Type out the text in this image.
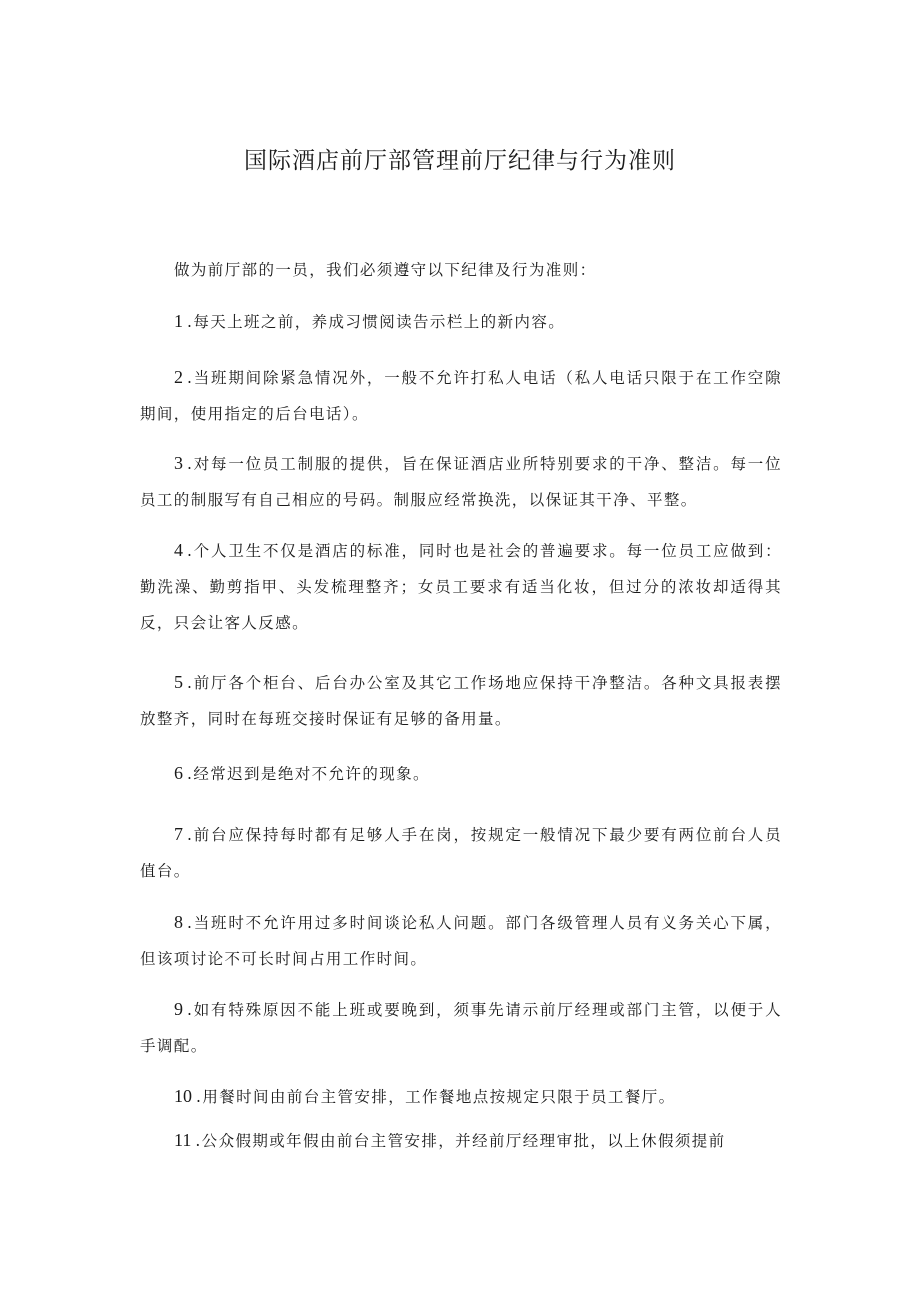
国际酒店前厅部管理前厅纪律与行为准则
做为前厅部的一员，我们必须遵守以下纪律及行为准则：
1 .每天上班之前，养成习惯阅读告示栏上的新内容。
2 .当班期间除紧急情况外，一般不允许打私人电话（私人电话只限于在工作空隙期间，使用指定的后台电话）。
3 .对每一位员工制服的提供，旨在保证酒店业所特别要求的干净、整洁。每一位员工的制服写有自己相应的号码。制服应经常换洗，以保证其干净、平整。
4 .个人卫生不仅是酒店的标准，同时也是社会的普遍要求。每一位员工应做到：勤洗澡、勤剪指甲、头发梳理整齐；女员工要求有适当化妆，但过分的浓妆却适得其反，只会让客人反感。
5 .前厅各个柜台、后台办公室及其它工作场地应保持干净整洁。各种文具报表摆放整齐，同时在每班交接时保证有足够的备用量。
6 .经常迟到是绝对不允许的现象。
7 .前台应保持每时都有足够人手在岗，按规定一般情况下最少要有两位前台人员值台。
8 .当班时不允许用过多时间谈论私人问题。部门各级管理人员有义务关心下属，但该项讨论不可长时间占用工作时间。
9 .如有特殊原因不能上班或要晚到，须事先请示前厅经理或部门主管，以便于人手调配。
10 .用餐时间由前台主管安排，工作餐地点按规定只限于员工餐厅。
11 .公众假期或年假由前台主管安排，并经前厅经理审批，以上休假须提前
